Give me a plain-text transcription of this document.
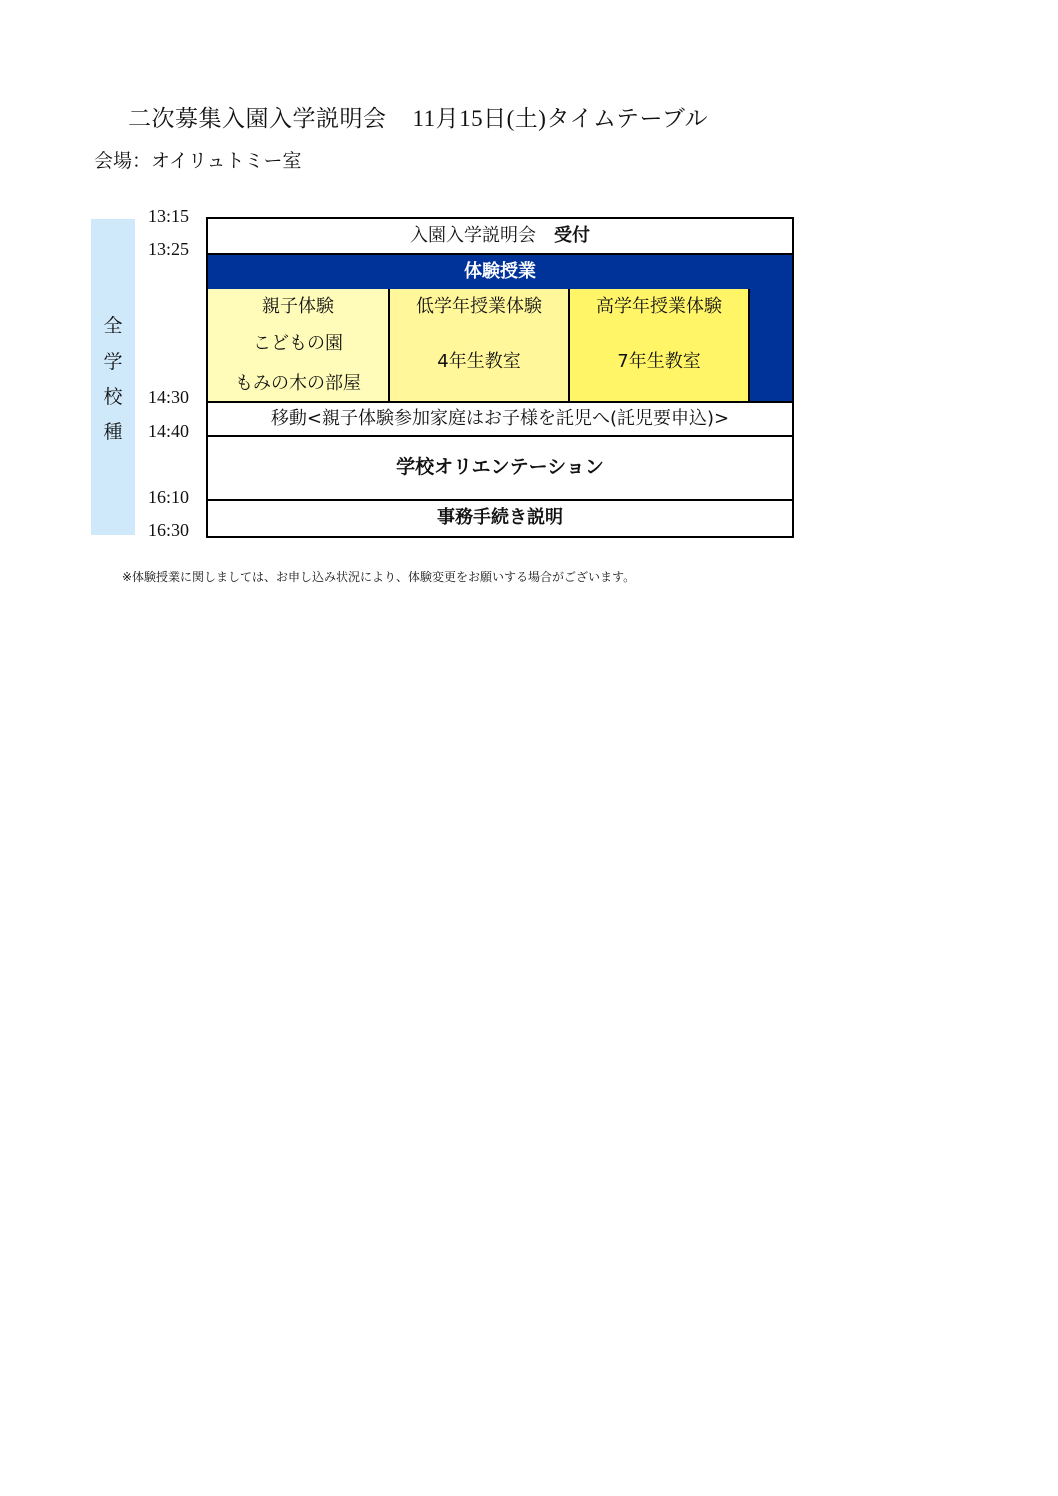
二次募集入園入学説明会 11月15日(土)タイムテーブル
会場：オイリュトミー室
全
学
校
種
13:15
13:25
14:30
14:40
16:10
16:30
入園入学説明会 受付
体験授業
親子体験
こどもの園
もみの木の部屋
低学年授業体験
4年生教室
高学年授業体験
7年生教室
移動<親子体験参加家庭はお子様を託児へ(託児要申込)>
学校オリエンテーション
事務手続き説明
※体験授業に関しましては、お申し込み状況により、体験変更をお願いする場合がございます。
